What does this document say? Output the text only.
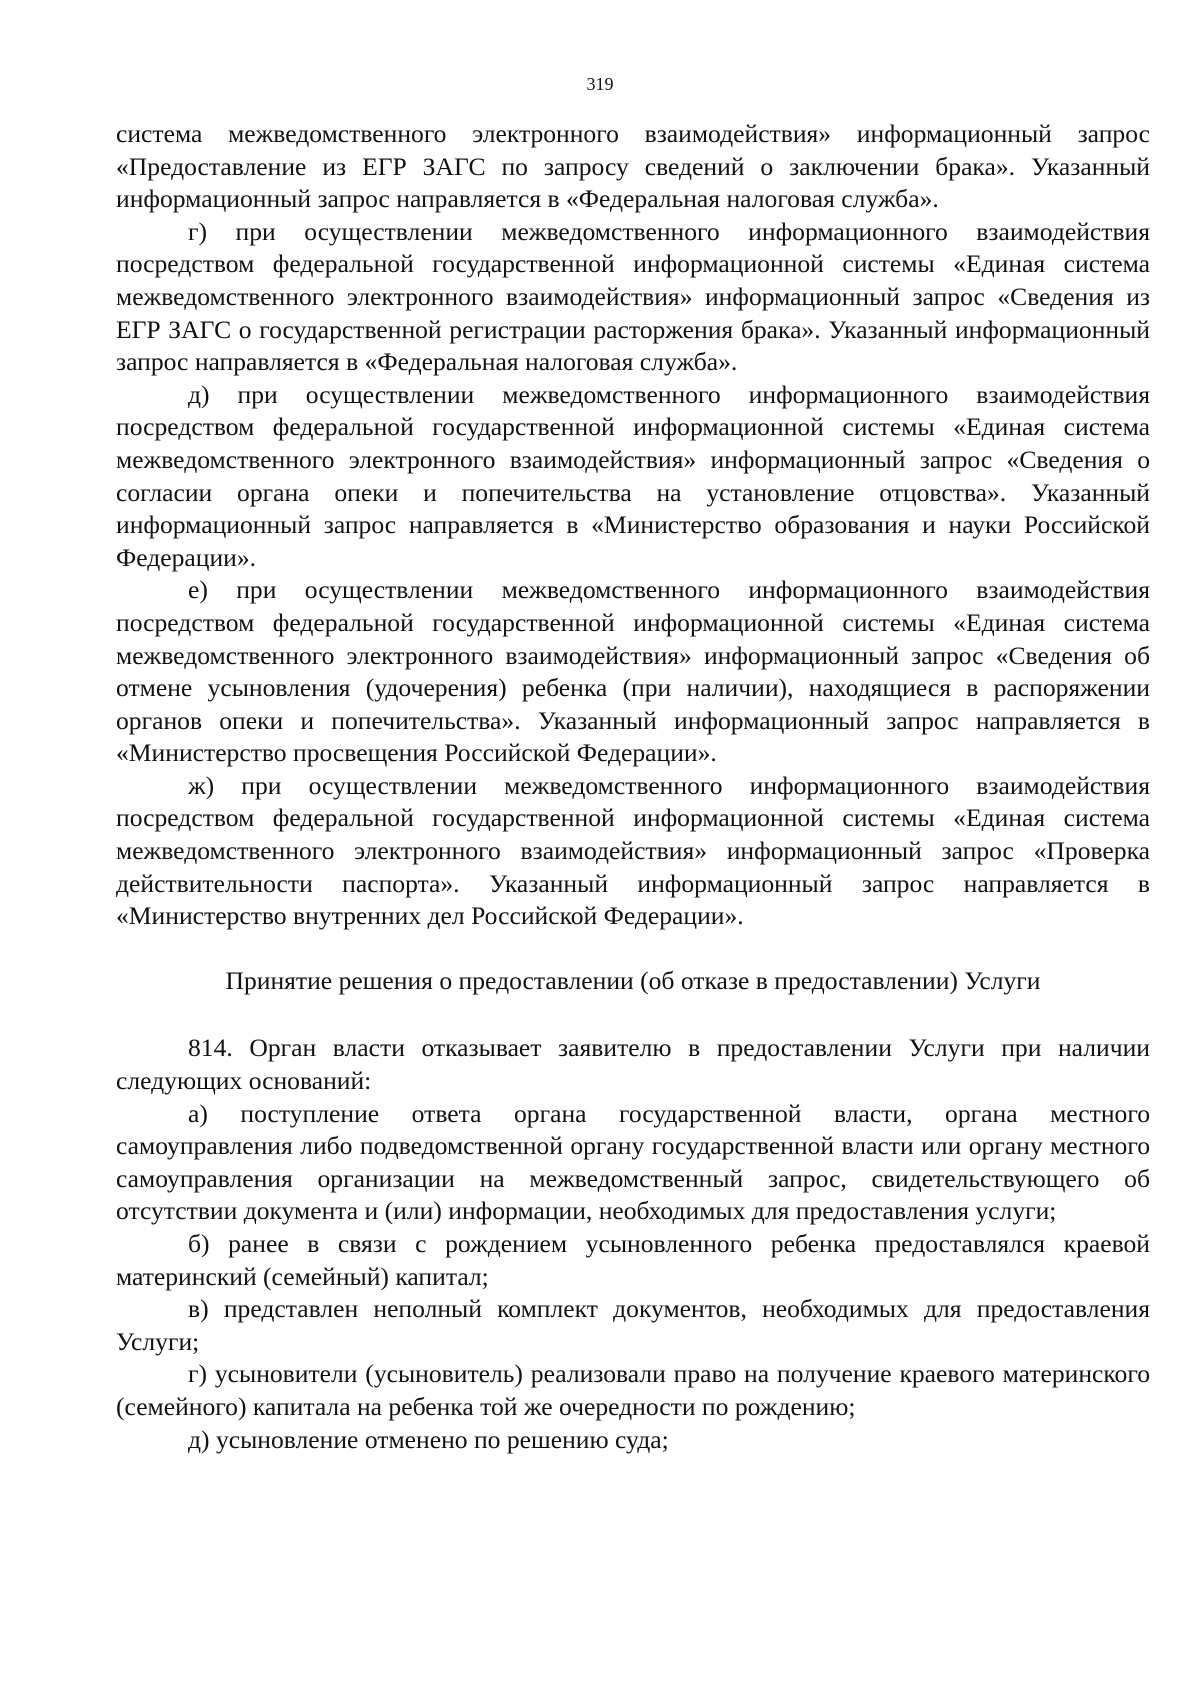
319

система межведомственного электронного взаимодействия» информационный запрос «Предоставление из ЕГР ЗАГС по запросу сведений о заключении брака». Указанный информационный запрос направляется в «Федеральная налоговая служба».

г) при осуществлении межведомственного информационного взаимодействия посредством федеральной государственной информационной системы «Единая система межведомственного электронного взаимодействия» информационный запрос «Сведения из ЕГР ЗАГС о государственной регистрации расторжения брака». Указанный информационный запрос направляется в «Федеральная налоговая служба».

д) при осуществлении межведомственного информационного взаимодействия посредством федеральной государственной информационной системы «Единая система межведомственного электронного взаимодействия» информационный запрос «Сведения о согласии органа опеки и попечительства на установление отцовства». Указанный информационный запрос направляется в «Министерство образования и науки Российской Федерации».

е) при осуществлении межведомственного информационного взаимодействия посредством федеральной государственной информационной системы «Единая система межведомственного электронного взаимодействия» информационный запрос «Сведения об отмене усыновления (удочерения) ребенка (при наличии), находящиеся в распоряжении органов опеки и попечительства». Указанный информационный запрос направляется в «Министерство просвещения Российской Федерации».

ж) при осуществлении межведомственного информационного взаимодействия посредством федеральной государственной информационной системы «Единая система межведомственного электронного взаимодействия» информационный запрос «Проверка действительности паспорта». Указанный информационный запрос направляется в «Министерство внутренних дел Российской Федерации».

Принятие решения о предоставлении (об отказе в предоставлении) Услуги

814. Орган власти отказывает заявителю в предоставлении Услуги при наличии следующих оснований:

а) поступление ответа органа государственной власти, органа местного самоуправления либо подведомственной органу государственной власти или органу местного самоуправления организации на межведомственный запрос, свидетельствующего об отсутствии документа и (или) информации, необходимых для предоставления услуги;

б) ранее в связи с рождением усыновленного ребенка предоставлялся краевой материнский (семейный) капитал;

в) представлен неполный комплект документов, необходимых для предоставления Услуги;

г) усыновители (усыновитель) реализовали право на получение краевого материнского (семейного) капитала на ребенка той же очередности по рождению;

д) усыновление отменено по решению суда;
